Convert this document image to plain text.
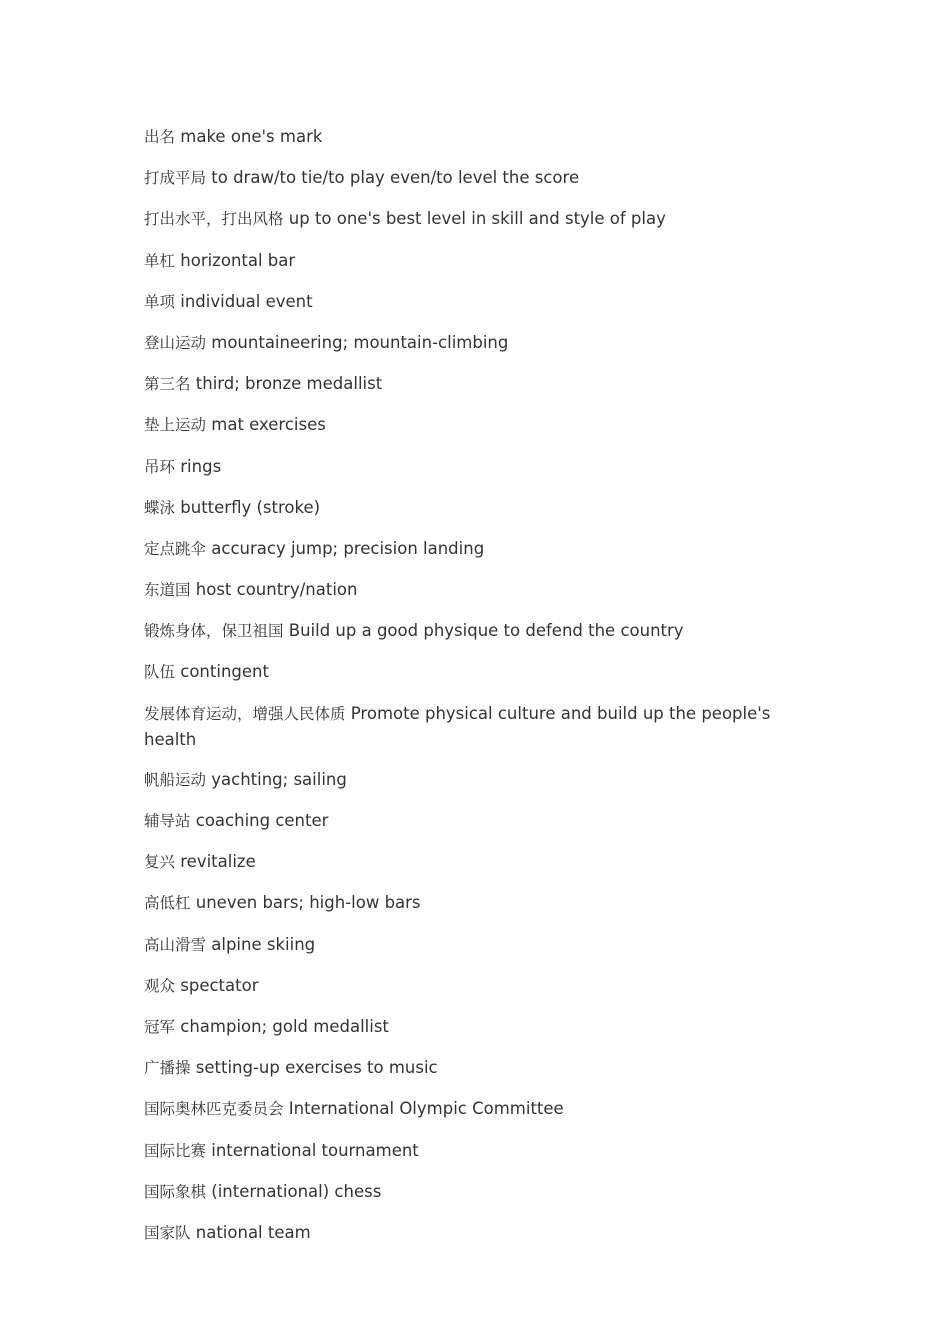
出名 make one's mark
打成平局 to draw/to tie/to play even/to level the score
打出水平，打出风格 up to one's best level in skill and style of play
单杠 horizontal bar
单项 individual event
登山运动 mountaineering; mountain-climbing
第三名 third; bronze medallist
垫上运动 mat exercises
吊环 rings
蝶泳 butterfly (stroke)
定点跳伞 accuracy jump; precision landing
东道国 host country/nation
锻炼身体，保卫祖国 Build up a good physique to defend the country
队伍 contingent
发展体育运动，增强人民体质 Promote physical culture and build up the people's health
帆船运动 yachting; sailing
辅导站 coaching center
复兴 revitalize
高低杠 uneven bars; high-low bars
高山滑雪 alpine skiing
观众 spectator
冠军 champion; gold medallist
广播操 setting-up exercises to music
国际奥林匹克委员会 International Olympic Committee
国际比赛 international tournament
国际象棋 (international) chess
国家队 national team
